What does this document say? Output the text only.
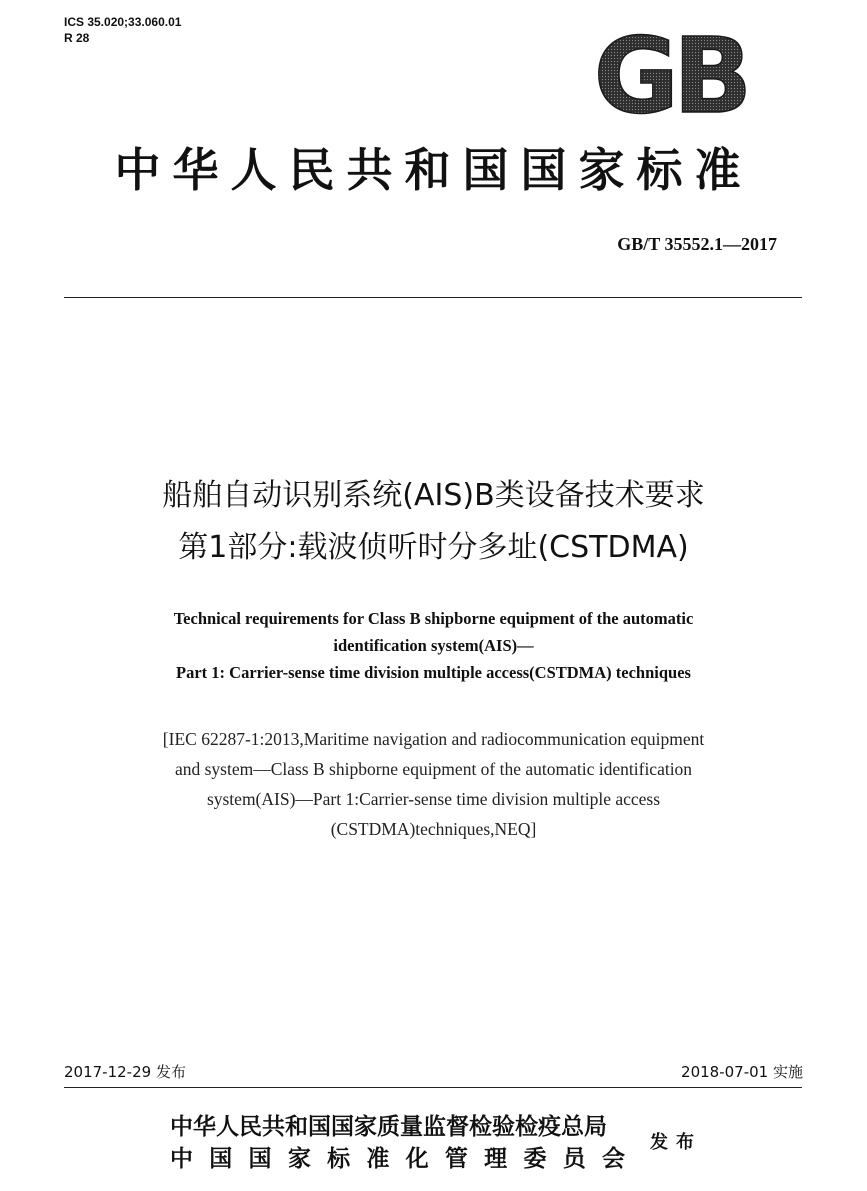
ICS 35.020;33.060.01
R 28	GB
中华人民共和国国家标准
GB/T 35552.1—2017
船舶自动识别系统(AIS)B类设备技术要求
第1部分:载波侦听时分多址(CSTDMA)
Technical requirements for Class B shipborne equipment of the automatic
identification system(AIS)—
Part 1: Carrier-sense time division multiple access(CSTDMA) techniques
[IEC 62287-1:2013,Maritime navigation and radiocommunication equipment
and system—Class B shipborne equipment of the automatic identification
system(AIS)—Part 1:Carrier-sense time division multiple access
(CSTDMA)techniques,NEQ]
2017-12-29 发布	2018-07-01 实施
中华人民共和国国家质量监督检验检疫总局
中国国家标准化管理委员会
发布
